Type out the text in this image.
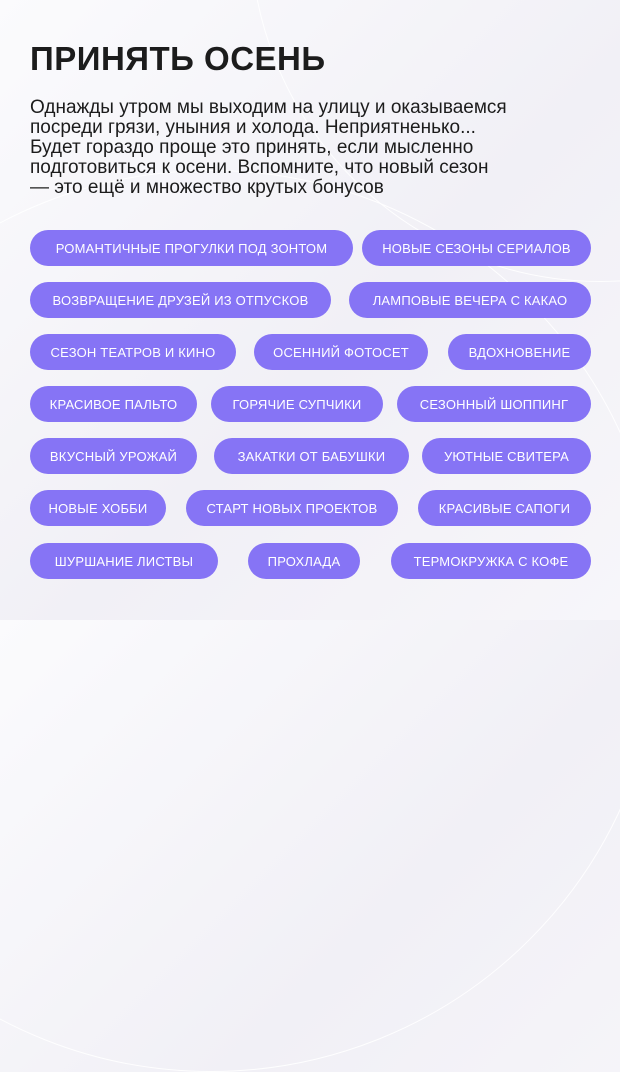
ПРИНЯТЬ ОСЕНЬ
Однажды утром мы выходим на улицу и оказываемся
посреди грязи, уныния и холода. Неприятненько...
Будет гораздо проще это принять, если мысленно
подготовиться к осени. Вспомните, что новый сезон
— это ещё и множество крутых бонусов
РОМАНТИЧНЫЕ ПРОГУЛКИ ПОД ЗОНТОМ	НОВЫЕ СЕЗОНЫ СЕРИАЛОВ
ВОЗВРАЩЕНИЕ ДРУЗЕЙ ИЗ ОТПУСКОВ	ЛАМПОВЫЕ ВЕЧЕРА С КАКАО
СЕЗОН ТЕАТРОВ И КИНО	ОСЕННИЙ ФОТОСЕТ	ВДОХНОВЕНИЕ
КРАСИВОЕ ПАЛЬТО	ГОРЯЧИЕ СУПЧИКИ	СЕЗОННЫЙ ШОППИНГ
ВКУСНЫЙ УРОЖАЙ	ЗАКАТКИ ОТ БАБУШКИ	УЮТНЫЕ СВИТЕРА
НОВЫЕ ХОББИ	СТАРТ НОВЫХ ПРОЕКТОВ	КРАСИВЫЕ САПОГИ
ШУРШАНИЕ ЛИСТВЫ	ПРОХЛАДА	ТЕРМОКРУЖКА С КОФЕ
